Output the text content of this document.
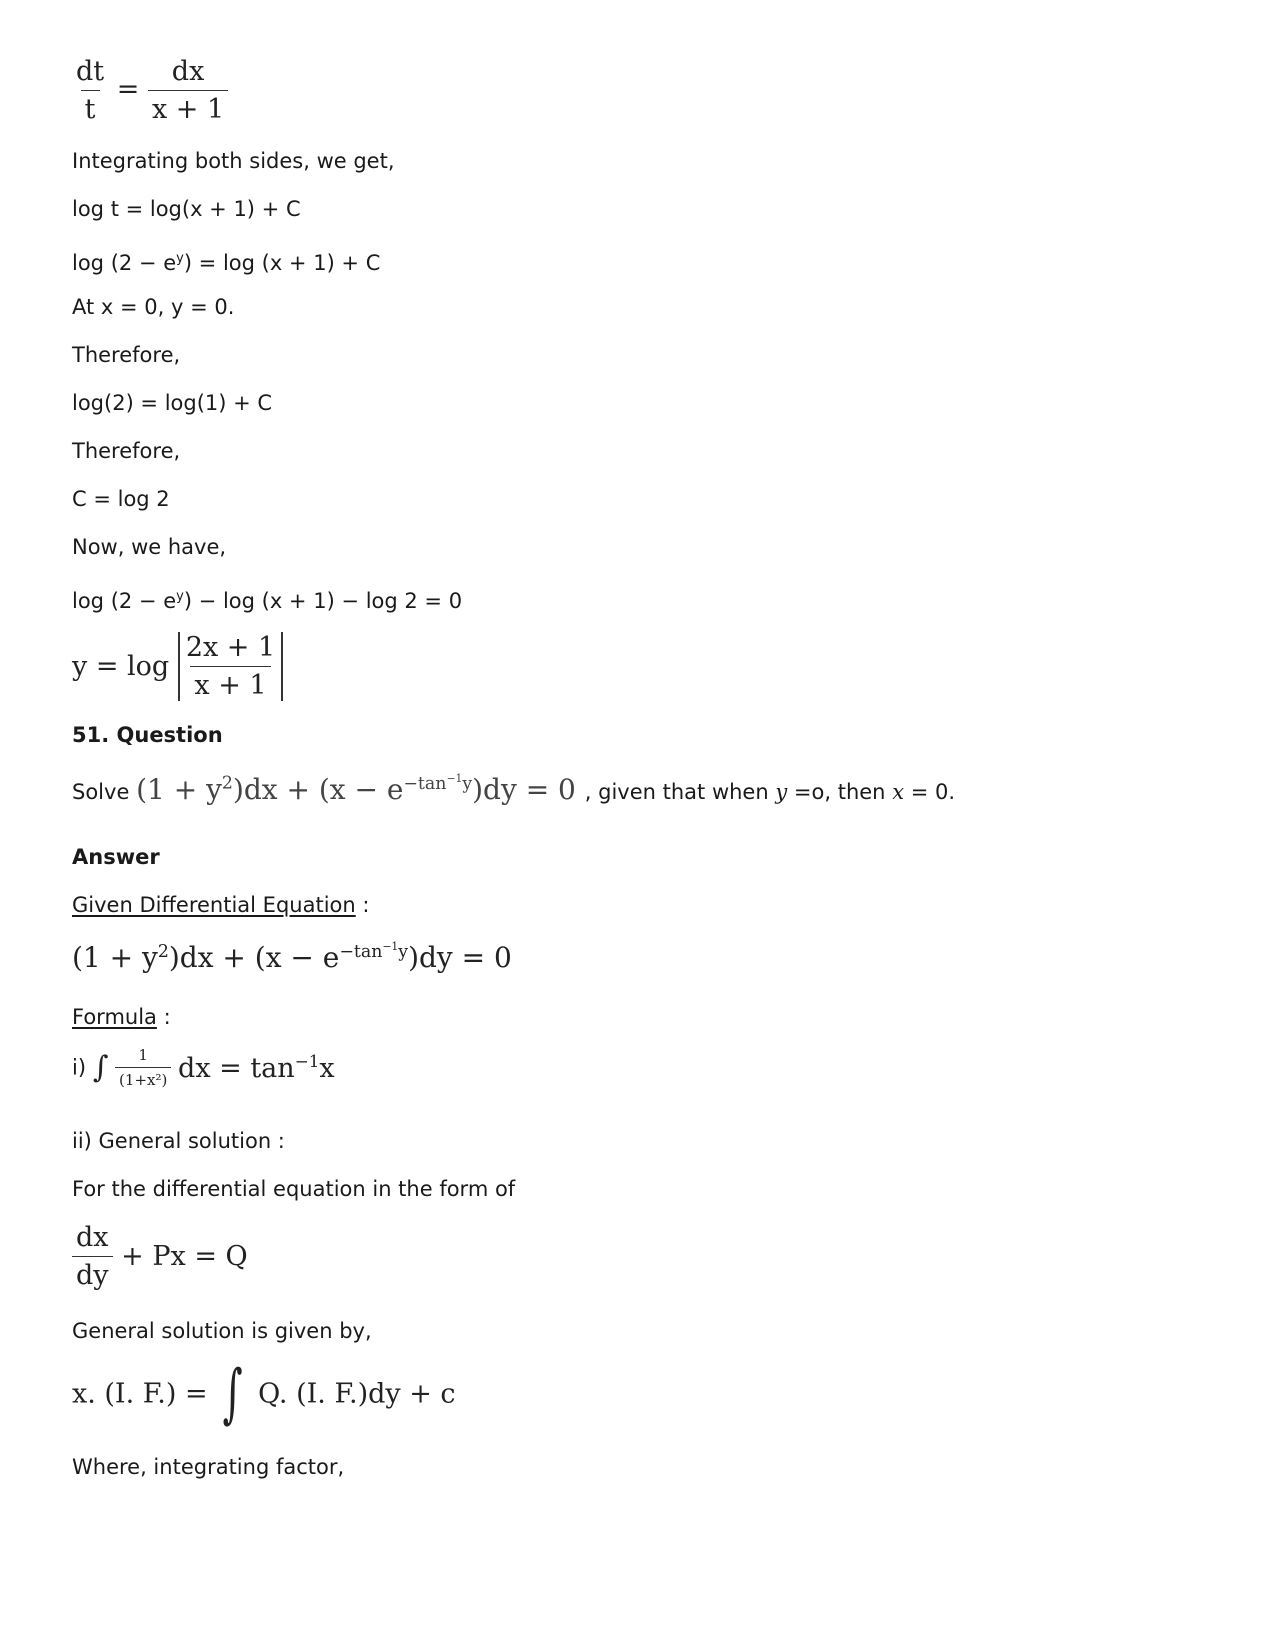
$\frac{dt}{t} = \frac{dx}{x + 1}$
Integrating both sides, we get,
log t = log(x + 1) + C
$\log (2 - e^y) = \log (x + 1) + C$
At x = 0, y = 0.
Therefore,
log(2) = log(1) + C
Therefore,
C = log 2
Now, we have,
$\log (2 - e^y) - \log (x + 1) - \log 2 = 0$
$y = \log \frac{2x + 1}{x + 1}$
51. Question
Solve $(1 + y^2)dx + (x - e^{-tan^{-1}y})dy = 0$ , given that when y =o, then x = 0.
Answer
Given Differential Equation :
$(1 + y^2)dx + (x - e^{-tan^{-1}y})dy = 0$
Formula :
i) ∫ $\frac{1}{\text{(1+x²)}}$ dx = $\tan^{-1}x$
ii) General solution :
For the differential equation in the form of
$\frac{dx}{dy} + Px = Q$
General solution is given by,
x. (I. F.) = ∫ Q. (I. F.)dy + c
Where, integrating factor,
